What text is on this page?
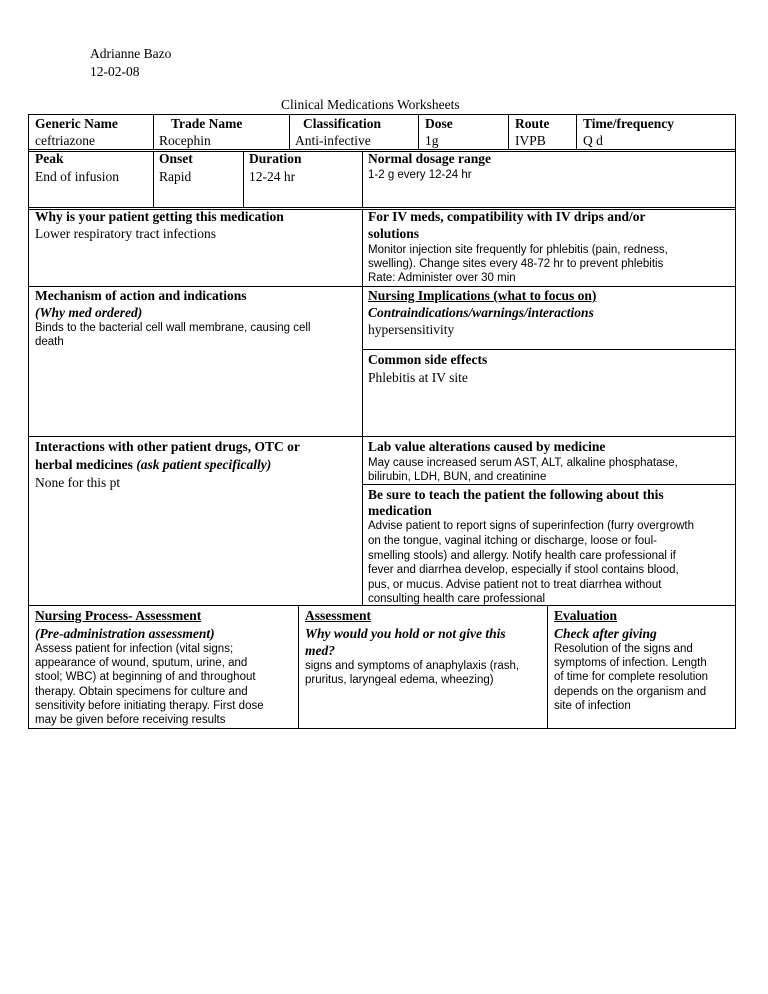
Adrianne Bazo
12-02-08
Clinical Medications Worksheets
Generic Name
ceftriazone
Trade Name
Rocephin
Classification
Anti-infective
Dose
1g
Route
IVPB
Time/frequency
Q d
Peak
End of infusion
Onset
Rapid
Duration
12-24 hr
Normal dosage range
1-2 g every 12-24 hr
Why is your patient getting this medication
Lower respiratory tract infections
For IV meds, compatibility with IV drips and/or
solutions
Monitor injection site frequently for phlebitis (pain, redness,
swelling). Change sites every 48-72 hr to prevent phlebitis
Rate: Administer over 30 min
Mechanism of action and indications
(Why med ordered)
Binds to the bacterial cell wall membrane, causing cell
death
Nursing Implications (what to focus on)
Contraindications/warnings/interactions
hypersensitivity
Common side effects
Phlebitis at IV site
Interactions with other patient drugs, OTC or
herbal medicines (ask patient specifically)
None for this pt
Lab value alterations caused by medicine
May cause increased serum AST, ALT, alkaline phosphatase,
bilirubin, LDH, BUN, and creatinine
Be sure to teach the patient the following about this
medication
Advise patient to report signs of superinfection (furry overgrowth
on the tongue, vaginal itching or discharge, loose or foul-
smelling stools) and allergy. Notify health care professional if
fever and diarrhea develop, especially if stool contains blood,
pus, or mucus. Advise patient not to treat diarrhea without
consulting health care professional
Nursing Process- Assessment
(Pre-administration assessment)
Assess patient for infection (vital signs;
appearance of wound, sputum, urine, and
stool; WBC) at beginning of and throughout
therapy. Obtain specimens for culture and
sensitivity before initiating therapy. First dose
may be given before receiving results
Assessment
Why would you hold or not give this
med?
signs and symptoms of anaphylaxis (rash,
pruritus, laryngeal edema, wheezing)
Evaluation
Check after giving
Resolution of the signs and
symptoms of infection. Length
of time for complete resolution
depends on the organism and
site of infection
